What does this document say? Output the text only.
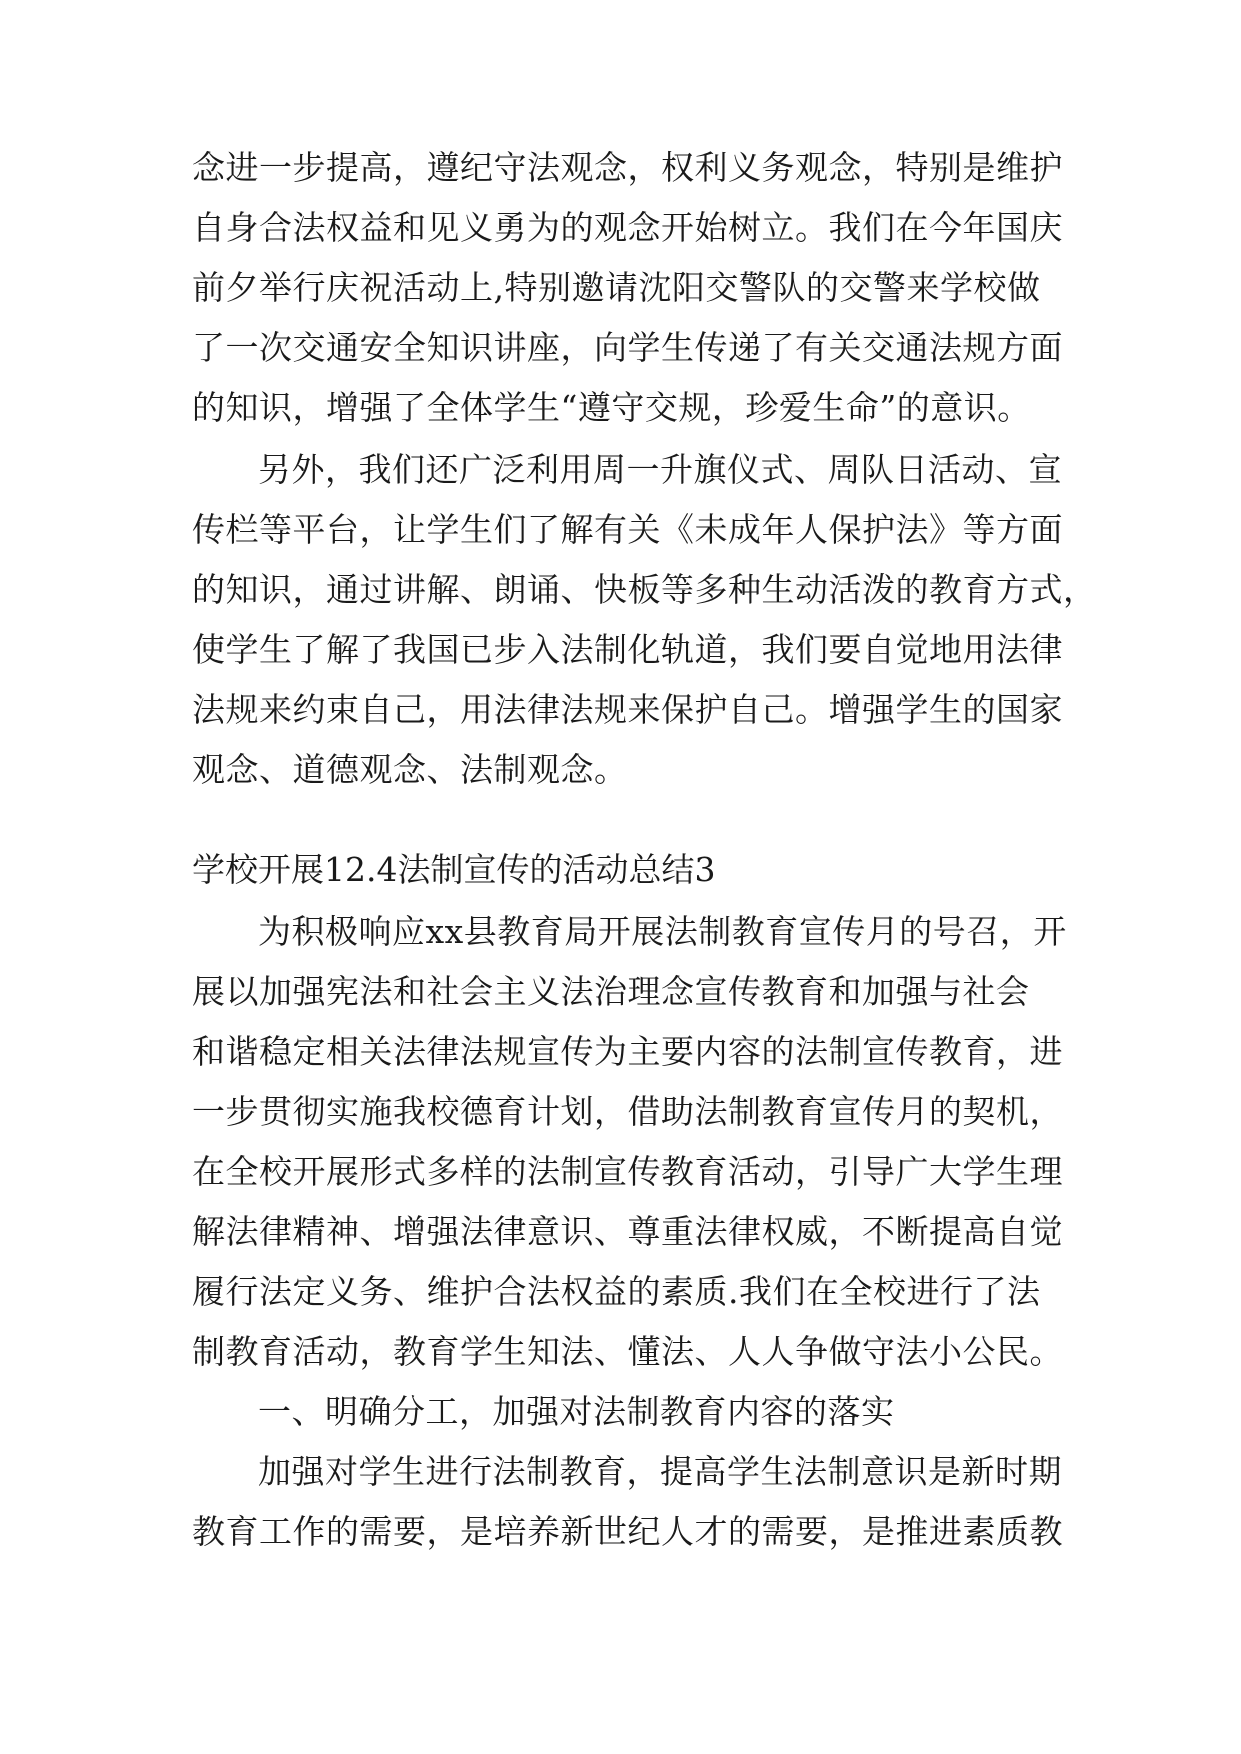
念进一步提高，遵纪守法观念，权利义务观念，特别是维护
自身合法权益和见义勇为的观念开始树立。我们在今年国庆
前夕举行庆祝活动上,特别邀请沈阳交警队的交警来学校做
了一次交通安全知识讲座，向学生传递了有关交通法规方面
的知识，增强了全体学生“遵守交规，珍爱生命”的意识。
另外，我们还广泛利用周一升旗仪式、周队日活动、宣
传栏等平台，让学生们了解有关《未成年人保护法》等方面
的知识，通过讲解、朗诵、快板等多种生动活泼的教育方式，
使学生了解了我国已步入法制化轨道，我们要自觉地用法律
法规来约束自己，用法律法规来保护自己。增强学生的国家
观念、道德观念、法制观念。
学校开展12.4法制宣传的活动总结3
为积极响应xx县教育局开展法制教育宣传月的号召，开
展以加强宪法和社会主义法治理念宣传教育和加强与社会
和谐稳定相关法律法规宣传为主要内容的法制宣传教育，进
一步贯彻实施我校德育计划，借助法制教育宣传月的契机，
在全校开展形式多样的法制宣传教育活动，引导广大学生理
解法律精神、增强法律意识、尊重法律权威，不断提高自觉
履行法定义务、维护合法权益的素质.我们在全校进行了法
制教育活动，教育学生知法、懂法、人人争做守法小公民。
一、明确分工，加强对法制教育内容的落实
加强对学生进行法制教育，提高学生法制意识是新时期
教育工作的需要，是培养新世纪人才的需要，是推进素质教
